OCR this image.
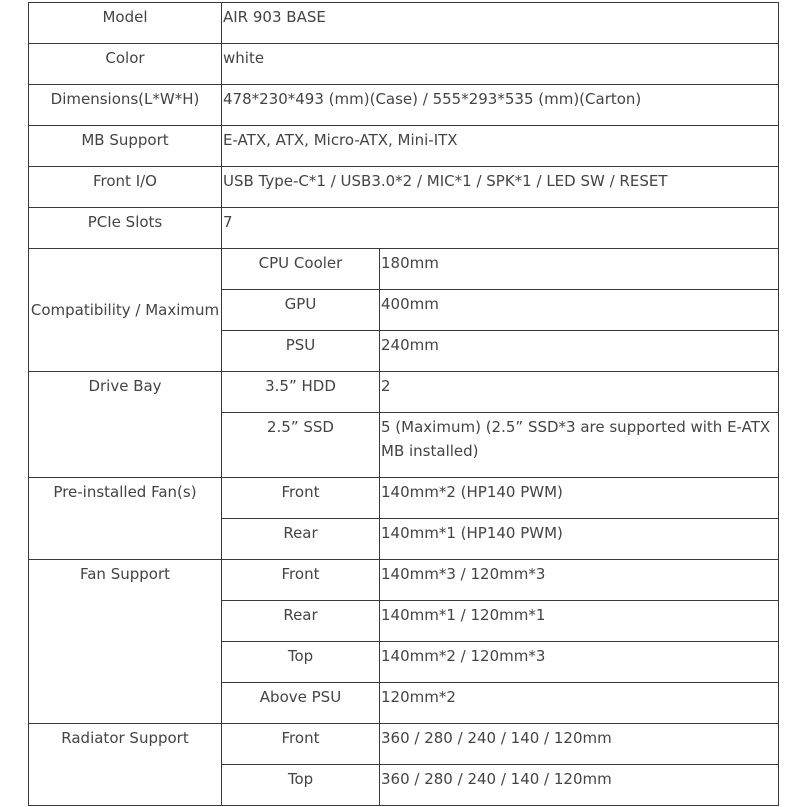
Model	AIR 903 BASE	
Color	white	
Dimensions(L*W*H)	478*230*493 (mm)(Case) / 555*293*535 (mm)(Carton)	
MB Support	E-ATX, ATX, Micro-ATX, Mini-ITX	
Front I/O	USB Type-C*1 / USB3.0*2 / MIC*1 / SPK*1 / LED SW / RESET	
PCIe Slots	7	
Compatibility / Maximum	CPU Cooler	180mm
	GPU	400mm
	PSU	240mm
Drive Bay	3.5” HDD	2
	2.5” SSD	5 (Maximum) (2.5” SSD*3 are supported with E-ATX MB installed)
Pre-installed Fan(s)	Front	140mm*2 (HP140 PWM)
	Rear	140mm*1 (HP140 PWM)
Fan Support	Front	140mm*3 / 120mm*3
	Rear	140mm*1 / 120mm*1
	Top	140mm*2 / 120mm*3
	Above PSU	120mm*2
Radiator Support	Front	360 / 280 / 240 / 140 / 120mm
	Top	360 / 280 / 240 / 140 / 120mm
